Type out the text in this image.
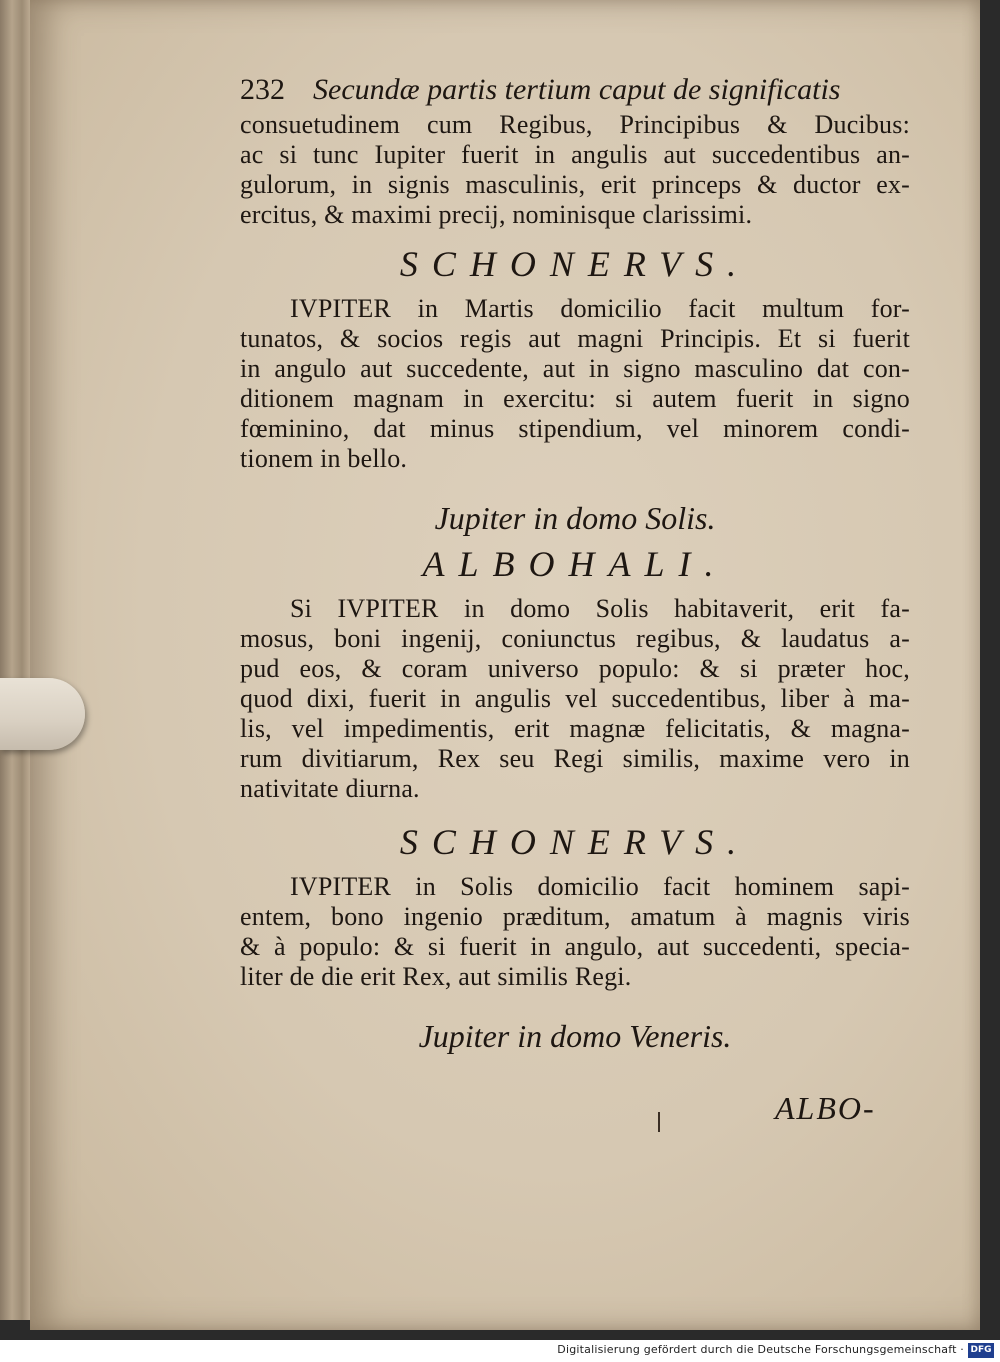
232 Secundæ partis tertium caput de significatis
consuetudinem cum Regibus, Principibus & Ducibus:
ac si tunc Iupiter fuerit in angulis aut succedentibus an-
gulorum, in signis masculinis, erit princeps & ductor ex-
ercitus, & maximi precij, nominisque clarissimi.
SCHONERVS.
IVPITER in Martis domicilio facit multum for-
tunatos, & socios regis aut magni Principis. Et si fuerit
in angulo aut succedente, aut in signo masculino dat con-
ditionem magnam in exercitu: si autem fuerit in signo
fœminino, dat minus stipendium, vel minorem condi-
tionem in bello.
Jupiter in domo Solis.
ALBOHALI.
Si IVPITER in domo Solis habitaverit, erit fa-
mosus, boni ingenij, coniunctus regibus, & laudatus a-
pud eos, & coram universo populo: & si præter hoc,
quod dixi, fuerit in angulis vel succedentibus, liber à ma-
lis, vel impedimentis, erit magnæ felicitatis, & magna-
rum divitiarum, Rex seu Regi similis, maxime vero in
nativitate diurna.
SCHONERVS.
IVPITER in Solis domicilio facit hominem sapi-
entem, bono ingenio præditum, amatum à magnis viris
& à populo: & si fuerit in angulo, aut succedenti, specia-
liter de die erit Rex, aut similis Regi.
Jupiter in domo Veneris.
ALBO-
Digitalisierung gefördert durch die Deutsche Forschungsgemeinschaft · DFG
